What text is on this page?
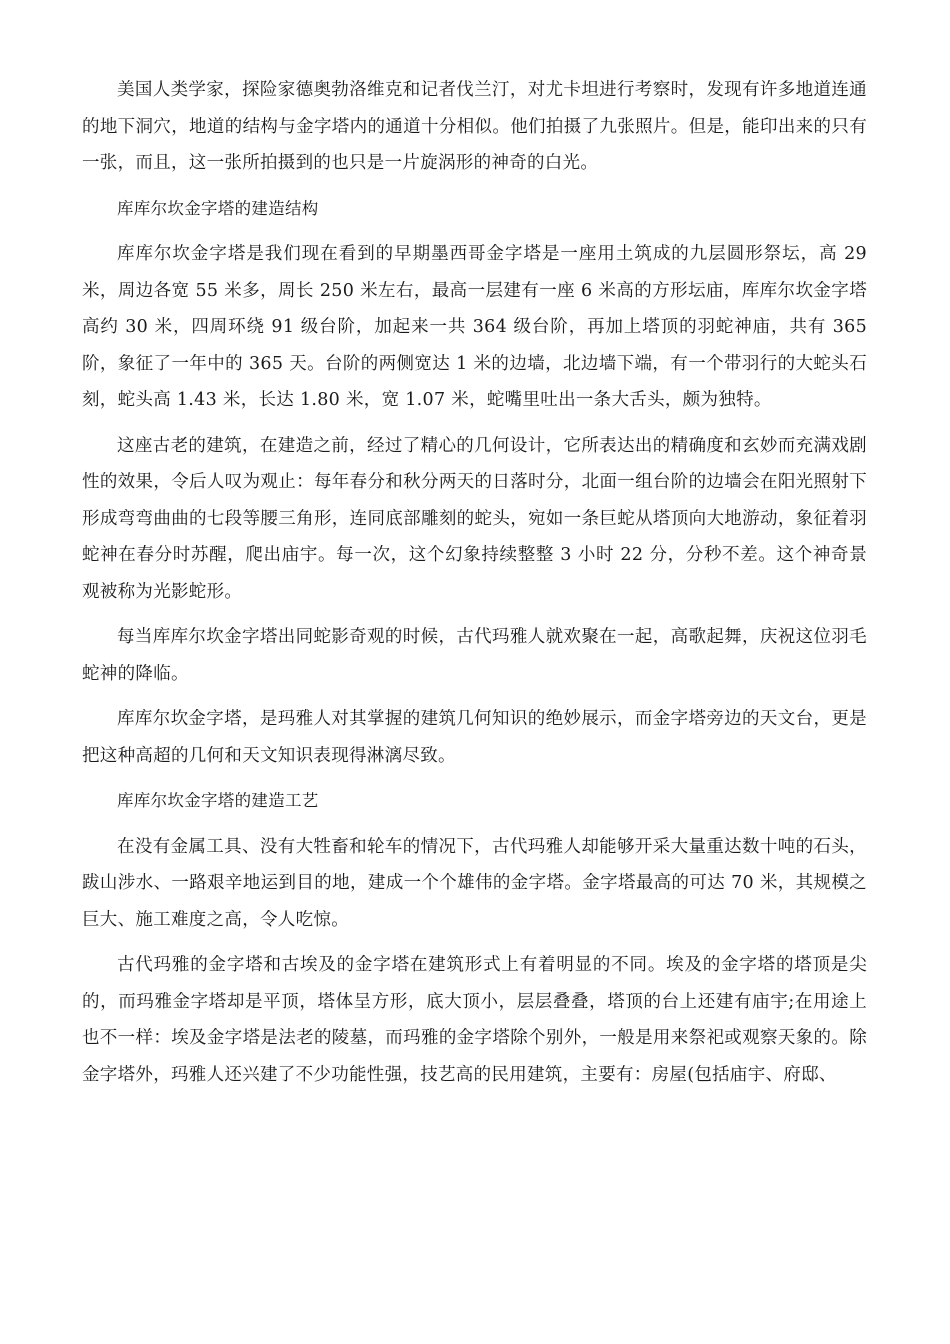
美国人类学家，探险家德奥勃洛维克和记者伐兰汀，对尤卡坦进行考察时，发现有许多地道连通的地下洞穴，地道的结构与金字塔内的通道十分相似。他们拍摄了九张照片。但是，能印出来的只有一张，而且，这一张所拍摄到的也只是一片旋涡形的神奇的白光。

库库尔坎金字塔的建造结构

库库尔坎金字塔是我们现在看到的早期墨西哥金字塔是一座用土筑成的九层圆形祭坛，高 29 米，周边各宽 55 米多，周长 250 米左右，最高一层建有一座 6 米高的方形坛庙，库库尔坎金字塔高约 30 米，四周环绕 91 级台阶，加起来一共 364 级台阶，再加上塔顶的羽蛇神庙，共有 365 阶，象征了一年中的 365 天。台阶的两侧宽达 1 米的边墙，北边墙下端，有一个带羽行的大蛇头石刻，蛇头高 1.43 米，长达 1.80 米，宽 1.07 米，蛇嘴里吐出一条大舌头，颇为独特。

这座古老的建筑，在建造之前，经过了精心的几何设计，它所表达出的精确度和玄妙而充满戏剧性的效果，令后人叹为观止：每年春分和秋分两天的日落时分，北面一组台阶的边墙会在阳光照射下形成弯弯曲曲的七段等腰三角形，连同底部雕刻的蛇头，宛如一条巨蛇从塔顶向大地游动，象征着羽蛇神在春分时苏醒，爬出庙宇。每一次，这个幻象持续整整 3 小时 22 分，分秒不差。这个神奇景观被称为光影蛇形。

每当库库尔坎金字塔出同蛇影奇观的时候，古代玛雅人就欢聚在一起，高歌起舞，庆祝这位羽毛蛇神的降临。

库库尔坎金字塔，是玛雅人对其掌握的建筑几何知识的绝妙展示，而金字塔旁边的天文台，更是把这种高超的几何和天文知识表现得淋漓尽致。

库库尔坎金字塔的建造工艺

在没有金属工具、没有大牲畜和轮车的情况下，古代玛雅人却能够开采大量重达数十吨的石头，跋山涉水、一路艰辛地运到目的地，建成一个个雄伟的金字塔。金字塔最高的可达 70 米，其规模之巨大、施工难度之高，令人吃惊。

古代玛雅的金字塔和古埃及的金字塔在建筑形式上有着明显的不同。埃及的金字塔的塔顶是尖的，而玛雅金字塔却是平顶，塔体呈方形，底大顶小，层层叠叠，塔顶的台上还建有庙宇;在用途上也不一样：埃及金字塔是法老的陵墓，而玛雅的金字塔除个别外，一般是用来祭祀或观察天象的。除金字塔外，玛雅人还兴建了不少功能性强，技艺高的民用建筑，主要有：房屋(包括庙宇、府邸、
